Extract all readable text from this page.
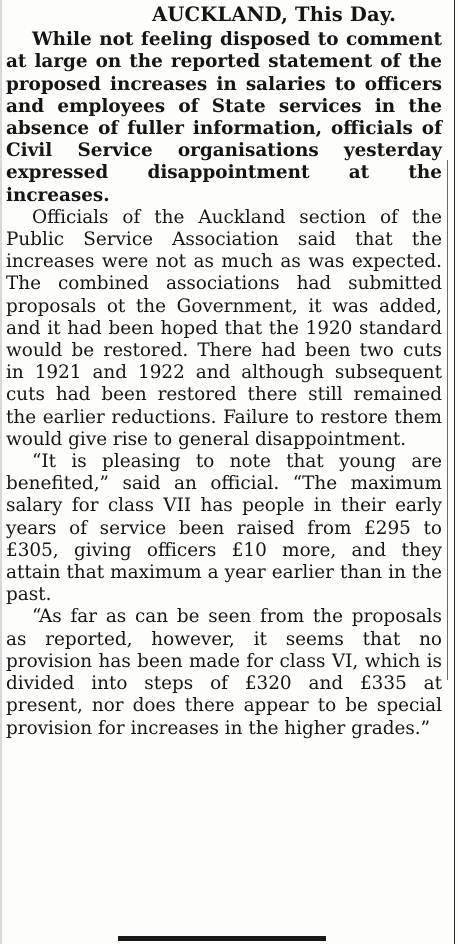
AUCKLAND, This Day.

While not feeling disposed to comment at large on the reported statement of the proposed increases in salaries to officers and employees of State services in the absence of fuller information, officials of Civil Service organisations yesterday expressed disappointment at the increases.

Officials of the Auckland section of the Public Service Association said that the increases were not as much as was expected. The combined associations had submitted proposals ot the Government, it was added, and it had been hoped that the 1920 standard would be restored. There had been two cuts in 1921 and 1922 and although subsequent cuts had been restored there still remained the earlier reductions. Failure to restore them would give rise to general disappointment.

“It is pleasing to note that young are benefited,” said an official. “The maximum salary for class VII has people in their early years of service been raised from £295 to £305, giving officers £10 more, and they attain that maximum a year earlier than in the past.

“As far as can be seen from the proposals as reported, however, it seems that no provision has been made for class VI, which is divided into steps of £320 and £335 at present, nor does there appear to be special provision for increases in the higher grades.”
